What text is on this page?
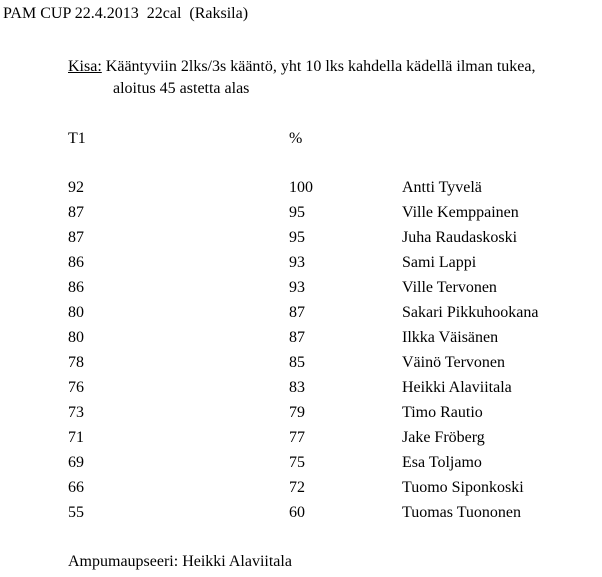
PAM CUP 22.4.2013  22cal  (Raksila)
Kisa: Kääntyviin 2lks/3s kääntö, yht 10 lks kahdella kädellä ilman tukea,
aloitus 45 astetta alas
T1	%
92	100	Antti Tyvelä
87	95	Ville Kemppainen
87	95	Juha Raudaskoski
86	93	Sami Lappi
86	93	Ville Tervonen
80	87	Sakari Pikkuhookana
80	87	Ilkka Väisänen
78	85	Väinö Tervonen
76	83	Heikki Alaviitala
73	79	Timo Rautio
71	77	Jake Fröberg
69	75	Esa Toljamo
66	72	Tuomo Siponkoski
55	60	Tuomas Tuononen
Ampumaupseeri: Heikki Alaviitala
